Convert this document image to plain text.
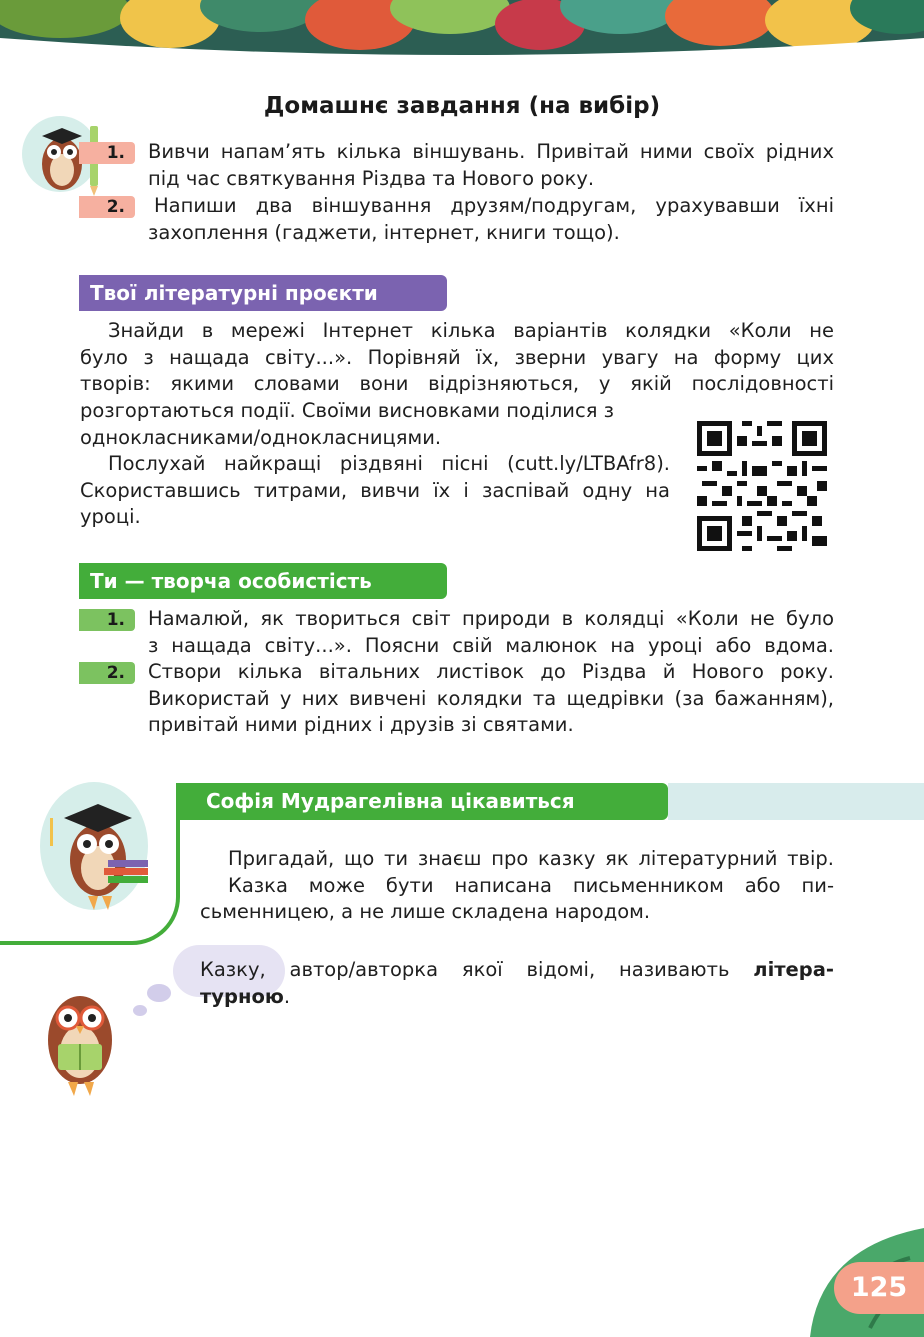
Домашнє завдання (на вибір)
1.	Вивчи напам’ять кілька віншувань. Привітай ними своїх рідних
під час святкування Різдва та Нового року.
2.	Напиши два віншування друзям/подругам, урахувавши їхні
захоплення (гаджети, інтернет, книги тощо).
Твої літературні проєкти
Знайди в мережі Інтернет кілька варіантів колядки «Коли не
було з нащада світу...». Порівняй їх, зверни увагу на форму цих
творів: якими словами вони відрізняються, у якій послідовності
розгортаються події. Своїми висновками поділися з
однокласниками/однокласницями.
Послухай найкращі різдвяні пісні (cutt.ly/LTBAfr8).
Скориставшись титрами, вивчи їх і заспівай одну на
уроці.
Ти — творча особистість
1.	Намалюй, як твориться світ природи в колядці «Коли не було
з нащада світу...». Поясни свій малюнок на уроці або вдома.
2.	Створи кілька вітальних листівок до Різдва й Нового року.
Використай у них вивчені колядки та щедрівки (за бажанням),
привітай ними рідних і друзів зі святами.
Софія Мудрагелівна цікавиться
Пригадай, що ти знаєш про казку як літературний твір.
Казка може бути написана письменником або пи-
сьменницею, а не лише складена народом.
Казку, автор/авторка якої відомі, називають літера-
турною.
125
